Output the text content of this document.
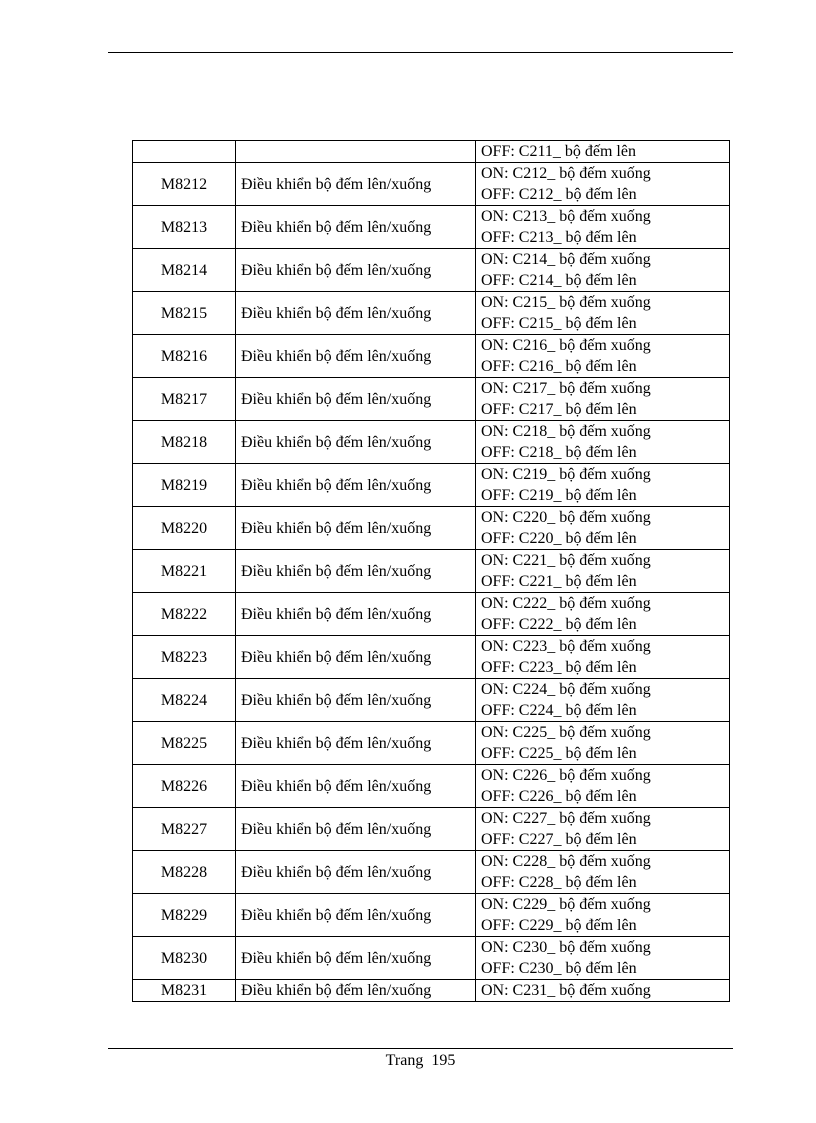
		OFF: C211_ bộ đếm lên

M8212	Điều khiển bộ đếm lên/xuống	ON: C212_ bộ đếm xuống
OFF: C212_ bộ đếm lên

M8213	Điều khiển bộ đếm lên/xuống	ON: C213_ bộ đếm xuống
OFF: C213_ bộ đếm lên

M8214	Điều khiển bộ đếm lên/xuống	ON: C214_ bộ đếm xuống
OFF: C214_ bộ đếm lên

M8215	Điều khiển bộ đếm lên/xuống	ON: C215_ bộ đếm xuống
OFF: C215_ bộ đếm lên

M8216	Điều khiển bộ đếm lên/xuống	ON: C216_ bộ đếm xuống
OFF: C216_ bộ đếm lên

M8217	Điều khiển bộ đếm lên/xuống	ON: C217_ bộ đếm xuống
OFF: C217_ bộ đếm lên

M8218	Điều khiển bộ đếm lên/xuống	ON: C218_ bộ đếm xuống
OFF: C218_ bộ đếm lên

M8219	Điều khiển bộ đếm lên/xuống	ON: C219_ bộ đếm xuống
OFF: C219_ bộ đếm lên

M8220	Điều khiển bộ đếm lên/xuống	ON: C220_ bộ đếm xuống
OFF: C220_ bộ đếm lên

M8221	Điều khiển bộ đếm lên/xuống	ON: C221_ bộ đếm xuống
OFF: C221_ bộ đếm lên

M8222	Điều khiển bộ đếm lên/xuống	ON: C222_ bộ đếm xuống
OFF: C222_ bộ đếm lên

M8223	Điều khiển bộ đếm lên/xuống	ON: C223_ bộ đếm xuống
OFF: C223_ bộ đếm lên

M8224	Điều khiển bộ đếm lên/xuống	ON: C224_ bộ đếm xuống
OFF: C224_ bộ đếm lên

M8225	Điều khiển bộ đếm lên/xuống	ON: C225_ bộ đếm xuống
OFF: C225_ bộ đếm lên

M8226	Điều khiển bộ đếm lên/xuống	ON: C226_ bộ đếm xuống
OFF: C226_ bộ đếm lên

M8227	Điều khiển bộ đếm lên/xuống	ON: C227_ bộ đếm xuống
OFF: C227_ bộ đếm lên

M8228	Điều khiển bộ đếm lên/xuống	ON: C228_ bộ đếm xuống
OFF: C228_ bộ đếm lên

M8229	Điều khiển bộ đếm lên/xuống	ON: C229_ bộ đếm xuống
OFF: C229_ bộ đếm lên

M8230	Điều khiển bộ đếm lên/xuống	ON: C230_ bộ đếm xuống
OFF: C230_ bộ đếm lên

M8231	Điều khiển bộ đếm lên/xuống	ON: C231_ bộ đếm xuống
Trang 195
